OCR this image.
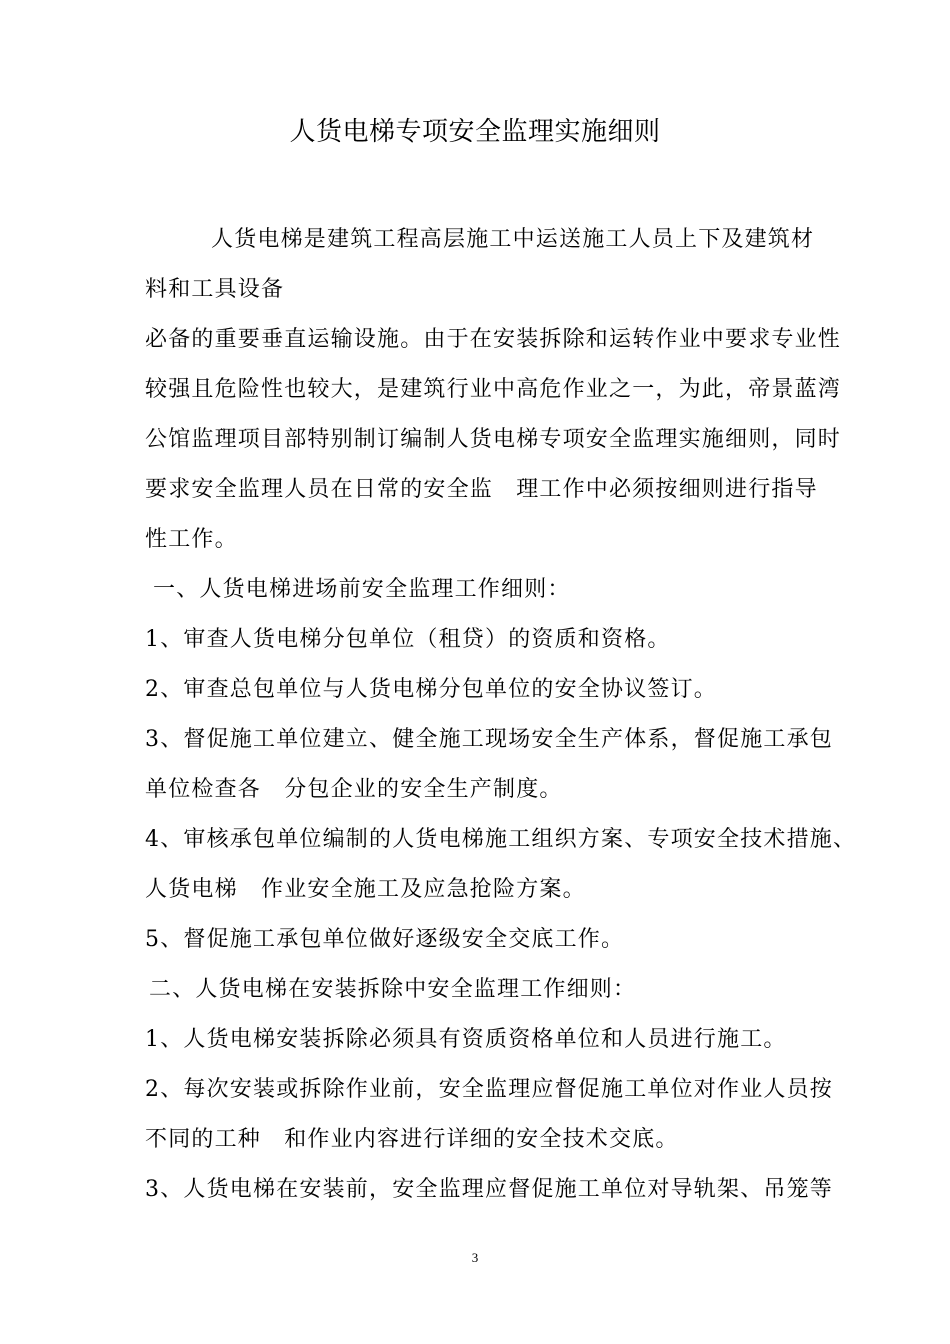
人货电梯专项安全监理实施细则
人货电梯是建筑工程高层施工中运送施工人员上下及建筑材
料和工具设备
必备的重要垂直运输设施。由于在安装拆除和运转作业中要求专业性
较强且危险性也较大，是建筑行业中高危作业之一，为此，帝景蓝湾
公馆监理项目部特别制订编制人货电梯专项安全监理实施细则，同时
要求安全监理人员在日常的安全监　理工作中必须按细则进行指导
性工作。
一、人货电梯进场前安全监理工作细则：
1、审查人货电梯分包单位（租贷）的资质和资格。
2、审查总包单位与人货电梯分包单位的安全协议签订。
3、督促施工单位建立、健全施工现场安全生产体系，督促施工承包
单位检查各　分包企业的安全生产制度。
4、审核承包单位编制的人货电梯施工组织方案、专项安全技术措施、
人货电梯　作业安全施工及应急抢险方案。
5、督促施工承包单位做好逐级安全交底工作。
二、人货电梯在安装拆除中安全监理工作细则：
1、人货电梯安装拆除必须具有资质资格单位和人员进行施工。
2、每次安装或拆除作业前，安全监理应督促施工单位对作业人员按
不同的工种　和作业内容进行详细的安全技术交底。
3、人货电梯在安装前，安全监理应督促施工单位对导轨架、吊笼等
3
